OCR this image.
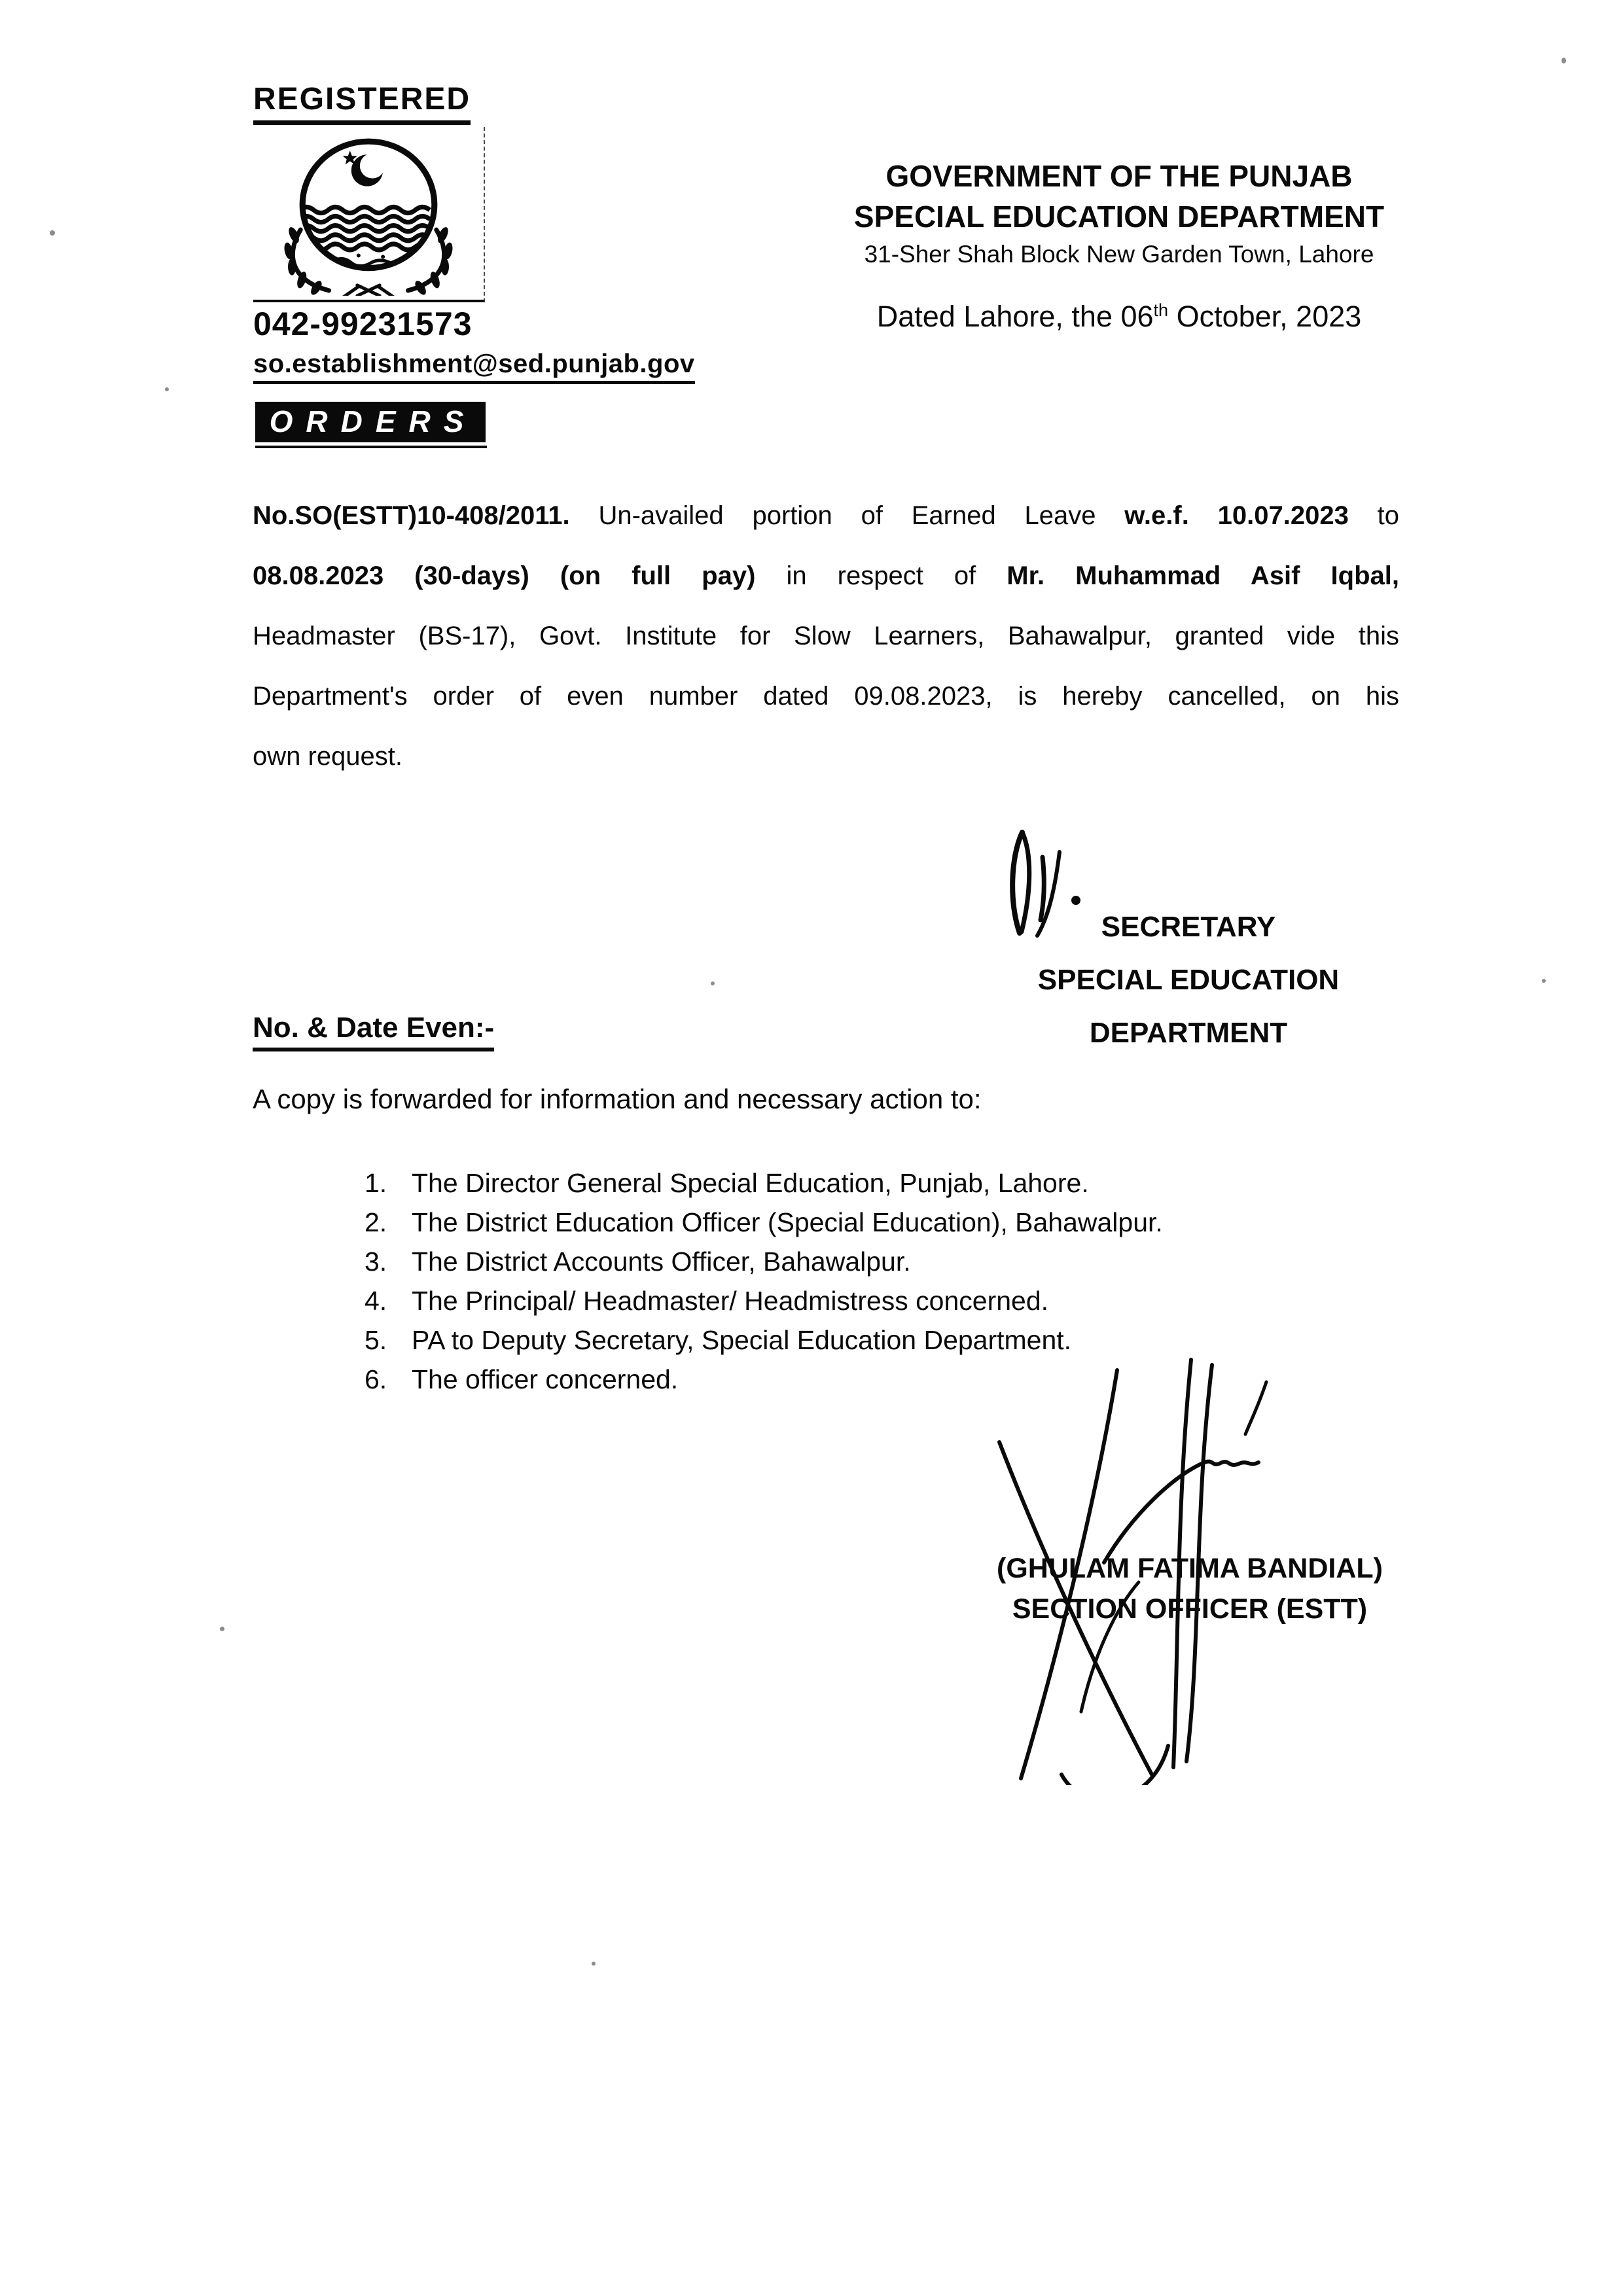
REGISTERED
042-99231573
so.establishment@sed.punjab.gov
GOVERNMENT OF THE PUNJAB
SPECIAL EDUCATION DEPARTMENT
31-Sher Shah Block New Garden Town, Lahore
Dated Lahore, the 06th October, 2023
ORDERS
No.SO(ESTT)10-408/2011. Un-availed portion of Earned Leave w.e.f. 10.07.2023 to
08.08.2023 (30-days) (on full pay) in respect of Mr. Muhammad Asif Iqbal,
Headmaster (BS-17), Govt. Institute for Slow Learners, Bahawalpur, granted vide this
Department's order of even number dated 09.08.2023, is hereby cancelled, on his
own request.
SECRETARY
SPECIAL EDUCATION
DEPARTMENT
No. & Date Even:-
A copy is forwarded for information and necessary action to:
1. The Director General Special Education, Punjab, Lahore.
2. The District Education Officer (Special Education), Bahawalpur.
3. The District Accounts Officer, Bahawalpur.
4. The Principal/ Headmaster/ Headmistress concerned.
5. PA to Deputy Secretary, Special Education Department.
6. The officer concerned.
(GHULAM FATIMA BANDIAL)
SECTION OFFICER (ESTT)
